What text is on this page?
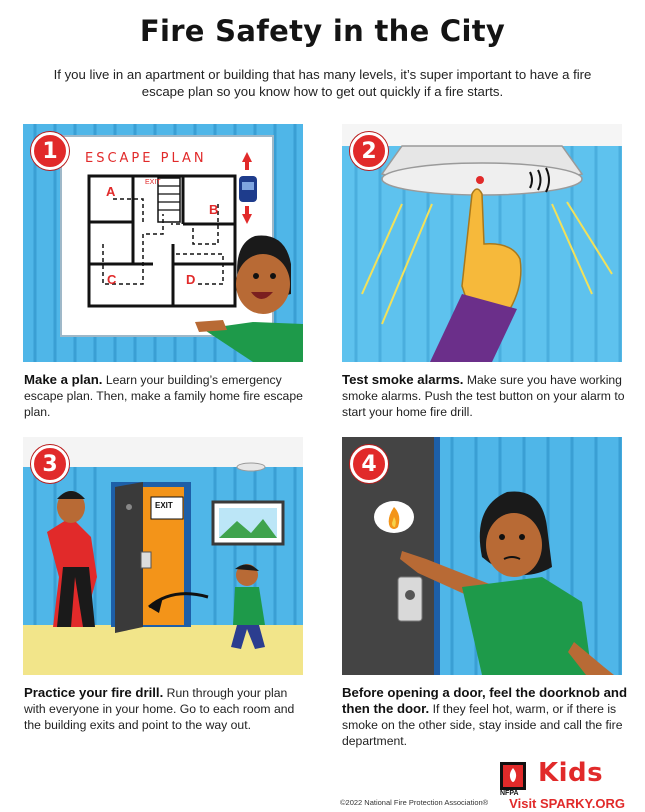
Fire Safety in the City
If you live in an apartment or building that has many levels, it’s super important to have a fire escape plan so you know how to get out quickly if a fire starts.
ESCAPE PLAN
EXIT
A
B
C	D
1	2
EXIT
3	4
Make a plan. Learn your building’s emergency escape plan. Then, make a family home fire escape plan.
Test smoke alarms. Make sure you have working smoke alarms. Push the test button on your alarm to start your home fire drill.
Practice your fire drill. Run through your plan with everyone in your home. Go to each room and the building exits and point to the way out.
Before opening a door, feel the doorknob and then the door. If they feel hot, warm, or if there is smoke on the other side, stay inside and call the fire department.
NFPA
Kids
Visit SPARKY.ORG
©2022 National Fire Protection Association®
